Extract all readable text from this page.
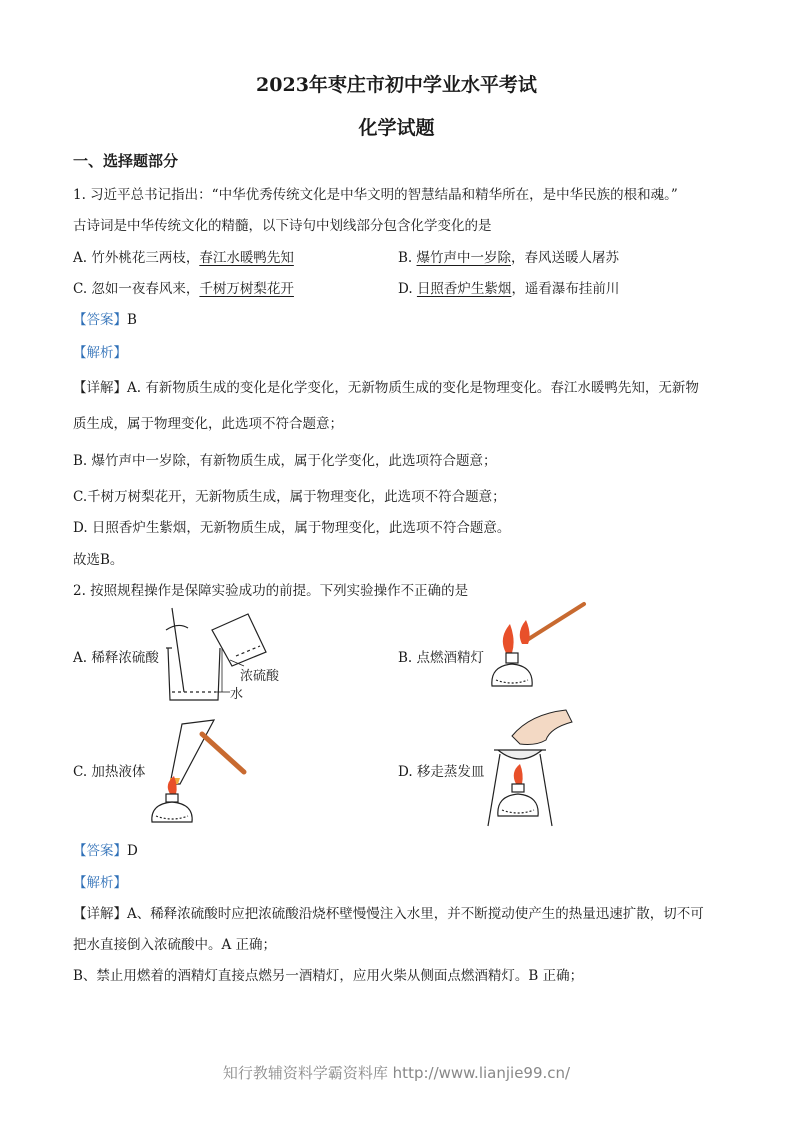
2023年枣庄市初中学业水平考试
化学试题
一、选择题部分
1. 习近平总书记指出：“中华优秀传统文化是中华文明的智慧结晶和精华所在，是中华民族的根和魂。”
古诗词是中华传统文化的精髓，以下诗句中划线部分包含化学变化的是
A. 竹外桃花三两枝，春江水暖鸭先知	B. 爆竹声中一岁除，春风送暖人屠苏
C. 忽如一夜春风来，千树万树梨花开	D. 日照香炉生紫烟，遥看瀑布挂前川
【答案】B
【解析】
【详解】A. 有新物质生成的变化是化学变化，无新物质生成的变化是物理变化。春江水暖鸭先知，无新物
质生成，属于物理变化，此选项不符合题意；
B. 爆竹声中一岁除，有新物质生成，属于化学变化，此选项符合题意；
C.千树万树梨花开，无新物质生成，属于物理变化，此选项不符合题意；
D. 日照香炉生紫烟，无新物质生成，属于物理变化，此选项不符合题意。
故选B。
2. 按照规程操作是保障实验成功的前提。下列实验操作不正确的是
A. 稀释浓硫酸	B. 点燃酒精灯
C. 加热液体	D. 移走蒸发皿
浓硫酸
水
【答案】D
【解析】
【详解】A、稀释浓硫酸时应把浓硫酸沿烧杯壁慢慢注入水里，并不断搅动使产生的热量迅速扩散，切不可
把水直接倒入浓硫酸中。A 正确；
B、禁止用燃着的酒精灯直接点燃另一酒精灯，应用火柴从侧面点燃酒精灯。B 正确；
知行教辅资料学霸资料库 http://www.lianjie99.cn/
